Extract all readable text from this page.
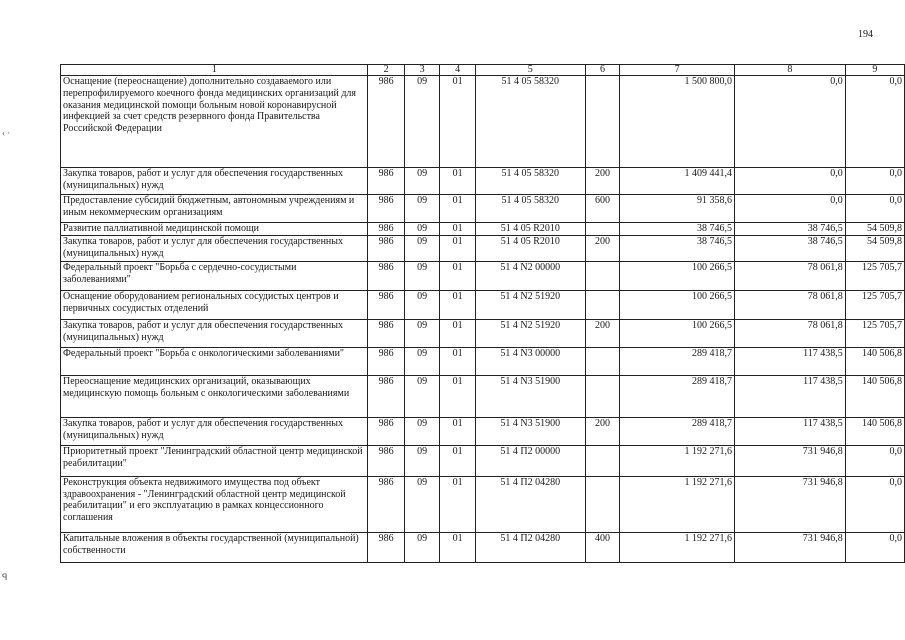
194
1	2	3	4	5	6	7	8	9
Оснащение (переоснащение) дополнительно создаваемого или перепрофилируемого коечного фонда медицинских организаций для оказания медицинской помощи больным новой коронавирусной инфекцией за счет средств резервного фонда Правительства Российской Федерации	986	09	01	51 4 05 58320		1 500 800,0	0,0	0,0
Закупка товаров, работ и услуг для обеспечения государственных (муниципальных) нужд	986	09	01	51 4 05 58320	200	1 409 441,4	0,0	0,0
Предоставление субсидий бюджетным, автономным учреждениям и иным некоммерческим организациям	986	09	01	51 4 05 58320	600	91 358,6	0,0	0,0
Развитие паллиативной медицинской помощи	986	09	01	51 4 05 R2010		38 746,5	38 746,5	54 509,8
Закупка товаров, работ и услуг для обеспечения государственных (муниципальных) нужд	986	09	01	51 4 05 R2010	200	38 746,5	38 746,5	54 509,8
Федеральный проект "Борьба с сердечно-сосудистыми заболеваниями"	986	09	01	51 4 N2 00000		100 266,5	78 061,8	125 705,7
Оснащение оборудованием региональных сосудистых центров и первичных сосудистых отделений	986	09	01	51 4 N2 51920		100 266,5	78 061,8	125 705,7
Закупка товаров, работ и услуг для обеспечения государственных (муниципальных) нужд	986	09	01	51 4 N2 51920	200	100 266,5	78 061,8	125 705,7
Федеральный проект "Борьба с онкологическими заболеваниями"	986	09	01	51 4 N3 00000		289 418,7	117 438,5	140 506,8
Переоснащение медицинских организаций, оказывающих медицинскую помощь больным с онкологическими заболеваниями	986	09	01	51 4 N3 51900		289 418,7	117 438,5	140 506,8
Закупка товаров, работ и услуг для обеспечения государственных (муниципальных) нужд	986	09	01	51 4 N3 51900	200	289 418,7	117 438,5	140 506,8
Приоритетный проект "Ленинградский областной центр медицинской реабилитации"	986	09	01	51 4 П2 00000		1 192 271,6	731 946,8	0,0
Реконструкция объекта недвижимого имущества под объект здравоохранения - "Ленинградский областной центр медицинской реабилитации" и его эксплуатацию в рамках концессионного соглашения	986	09	01	51 4 П2 04280		1 192 271,6	731 946,8	0,0
Капитальные вложения в объекты государственной (муниципальной) собственности	986	09	01	51 4 П2 04280	400	1 192 271,6	731 946,8	0,0
‹ ·
ꟼ
